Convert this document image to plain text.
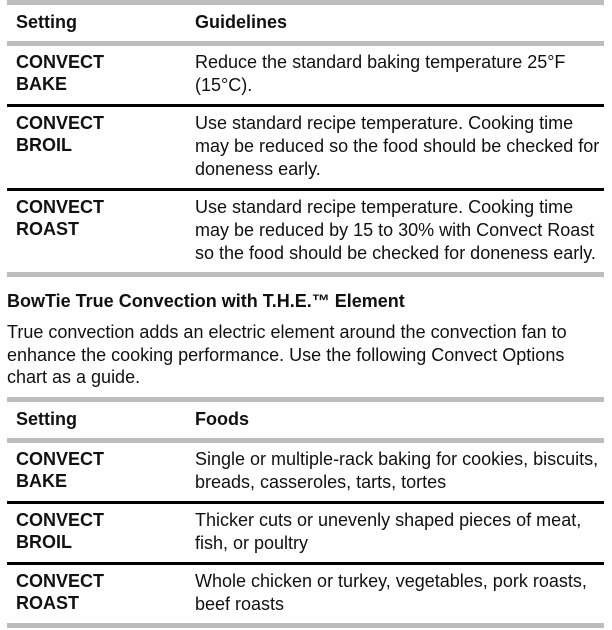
Setting	Guidelines
CONVECT
BAKE
Reduce the standard baking temperature 25°F (15°C).
CONVECT
BROIL
Use standard recipe temperature. Cooking time may be reduced so the food should be checked for doneness early.
CONVECT
ROAST
Use standard recipe temperature. Cooking time may be reduced by 15 to 30% with Convect Roast so the food should be checked for doneness early.
BowTie True Convection with T.H.E.™ Element
True convection adds an electric element around the convection fan to enhance the cooking performance. Use the following Convect Options chart as a guide.
Setting	Foods
CONVECT
BAKE
Single or multiple-rack baking for cookies, biscuits, breads, casseroles, tarts, tortes
CONVECT
BROIL
Thicker cuts or unevenly shaped pieces of meat, fish, or poultry
CONVECT
ROAST
Whole chicken or turkey, vegetables, pork roasts, beef roasts
